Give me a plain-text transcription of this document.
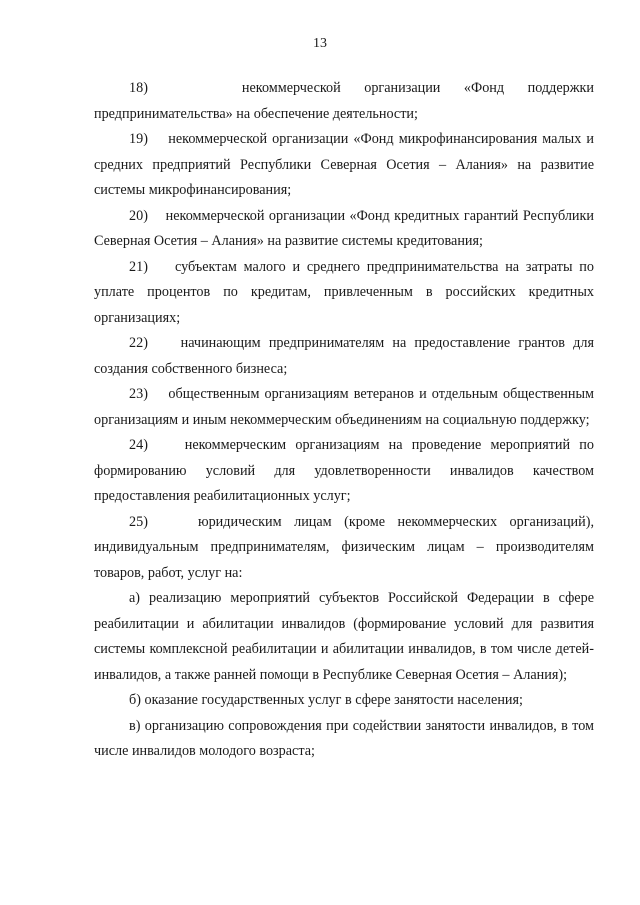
13

18)    некоммерческой организации «Фонд поддержки предпринимательства» на обеспечение деятельности;

19)    некоммерческой организации «Фонд микрофинансирования малых и средних предприятий Республики Северная Осетия – Алания» на развитие системы микрофинансирования;

20)    некоммерческой организации «Фонд кредитных гарантий Республики Северная Осетия – Алания» на развитие системы кредитования;

21)    субъектам малого и среднего предпринимательства на затраты по уплате процентов по кредитам, привлеченным в российских кредитных организациях;

22)    начинающим предпринимателям на предоставление грантов для создания собственного бизнеса;

23)    общественным организациям ветеранов и отдельным общественным организациям и иным некоммерческим объединениям на социальную поддержку;

24)    некоммерческим организациям на проведение мероприятий по формированию условий для удовлетворенности инвалидов качеством предоставления реабилитационных услуг;

25)    юридическим лицам (кроме некоммерческих организаций), индивидуальным предпринимателям, физическим лицам – производителям товаров, работ, услуг на:

а) реализацию мероприятий субъектов Российской Федерации в сфере реабилитации и абилитации инвалидов (формирование условий для развития системы комплексной реабилитации и абилитации инвалидов, в том числе детей-инвалидов, а также ранней помощи в Республике Северная Осетия – Алания);

б) оказание государственных услуг в сфере занятости населения;

в) организацию сопровождения при содействии занятости инвалидов, в том числе инвалидов молодого возраста;
